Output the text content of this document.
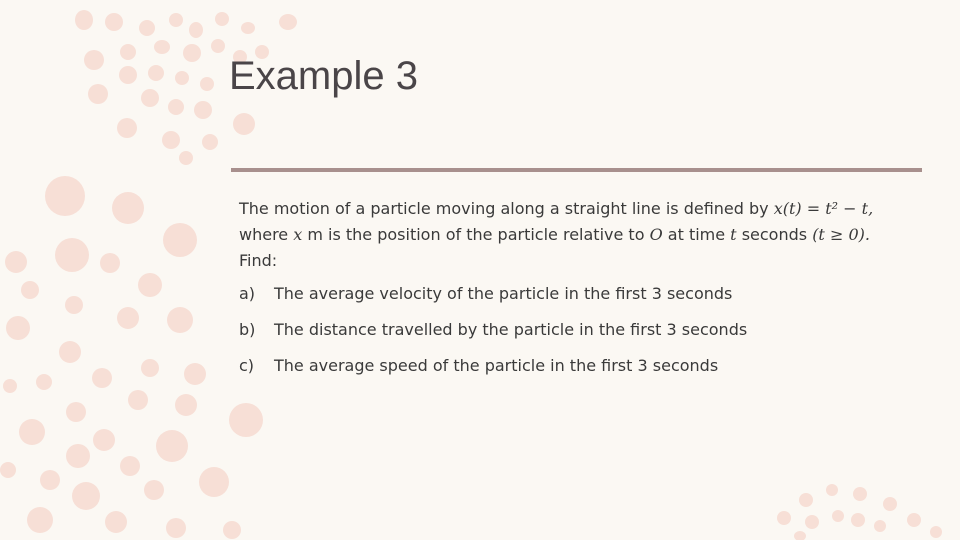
Example 3
The motion of a particle moving along a straight line is defined by x(t) = t² − t,
where x m is the position of the particle relative to O at time t seconds (t ≥ 0).
Find:
a)	The average velocity of the particle in the first 3 seconds
b)	The distance travelled by the particle in the first 3 seconds
c)	The average speed of the particle in the first 3 seconds
